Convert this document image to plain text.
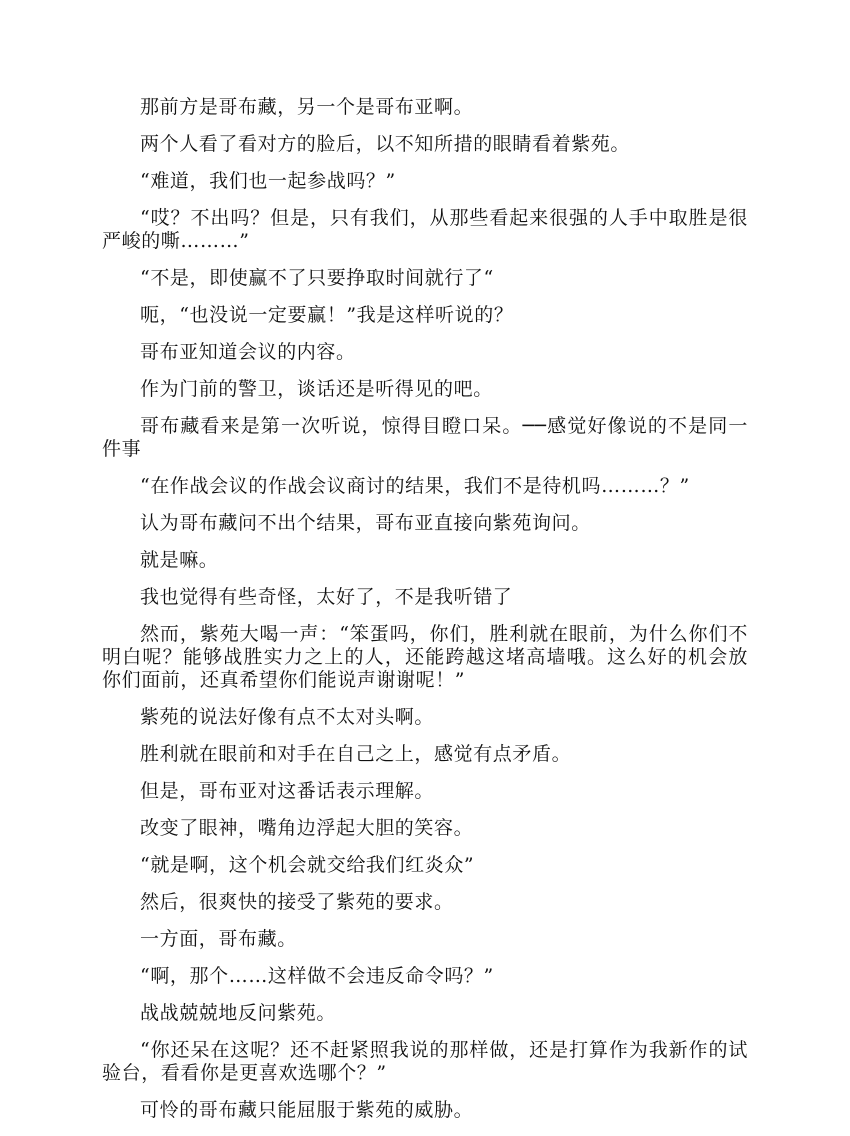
那前方是哥布藏，另一个是哥布亚啊。

两个人看了看对方的脸后，以不知所措的眼睛看着紫苑。

“难道，我们也一起参战吗？”

“哎？不出吗？但是，只有我们，从那些看起来很强的人手中取胜是很严峻的嘶………”

“不是，即使赢不了只要挣取时间就行了“

呃，“也没说一定要赢！”我是这样听说的？

哥布亚知道会议的内容。

作为门前的警卫，谈话还是听得见的吧。

哥布藏看来是第一次听说，惊得目瞪口呆。──感觉好像说的不是同一件事

“在作战会议的作战会议商讨的结果，我们不是待机吗………？”

认为哥布藏问不出个结果，哥布亚直接向紫苑询问。

就是嘛。

我也觉得有些奇怪，太好了，不是我听错了

然而，紫苑大喝一声：“笨蛋吗，你们，胜利就在眼前，为什么你们不明白呢？能够战胜实力之上的人，还能跨越这堵高墙哦。这么好的机会放你们面前，还真希望你们能说声谢谢呢！”

紫苑的说法好像有点不太对头啊。

胜利就在眼前和对手在自己之上，感觉有点矛盾。

但是，哥布亚对这番话表示理解。

改变了眼神，嘴角边浮起大胆的笑容。

“就是啊，这个机会就交给我们红炎众”

然后，很爽快的接受了紫苑的要求。

一方面，哥布藏。

“啊，那个……这样做不会违反命令吗？”

战战兢兢地反问紫苑。

“你还呆在这呢？还不赶紧照我说的那样做，还是打算作为我新作的试验台，看看你是更喜欢选哪个？”

可怜的哥布藏只能屈服于紫苑的威胁。
